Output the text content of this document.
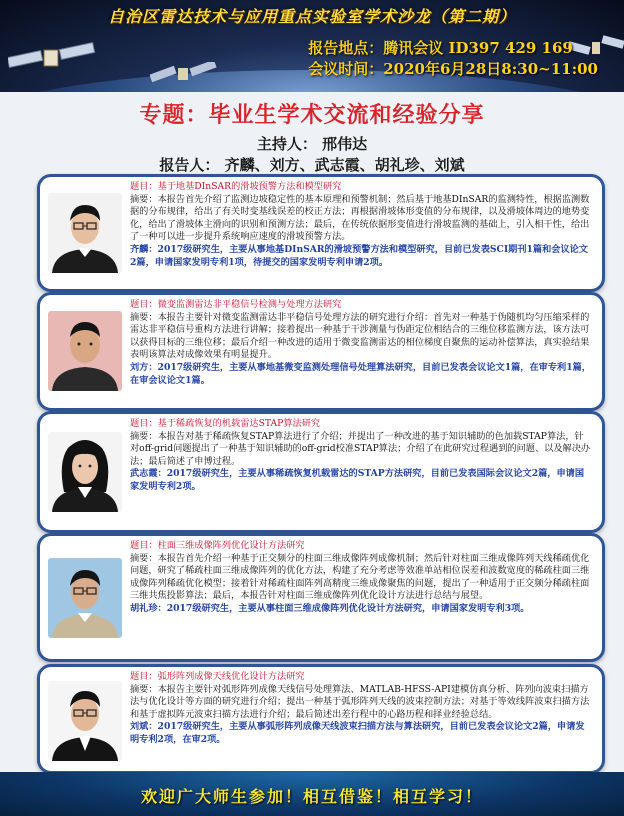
自治区雷达技术与应用重点实验室学术沙龙（第二期）
报告地点：腾讯会议 ID397 429 169
会议时间：2020年6月28日8:30~11:00
专题：毕业生学术交流和经验分享
主持人： 邢伟达
报告人： 齐麟、刘方、武志霞、胡礼珍、刘斌
题目：基于地基DInSAR的滑坡预警方法和模型研究
摘要：本报告首先介绍了监测边坡稳定性的基本原理和预警机制；然后基于地基DInSAR的监测特性，根据监测数据的分布规律，给出了有关时变基线误差的校正方法；再根据滑坡体形变值的分布规律，以及滑坡体周边的地势变化，给出了滑坡体主滑向的识别和预测方法；最后，在传统依据形变值进行滑坡监测的基础上，引入相干性，给出了一种可以进一步提升系统响应速度的滑坡预警方法。
齐麟：2017级研究生，主要从事地基DInSAR的滑坡预警方法和模型研究，目前已发表SCI期刊1篇和会议论文2篇，申请国家发明专利1项，待提交的国家发明专利申请2项。
题目：微变监测雷达非平稳信号检测与处理方法研究
摘要：本报告主要针对微变监测雷达非平稳信号处理方法的研究进行介绍：首先对一种基于伪随机均匀压缩采样的雷达非平稳信号重构方法进行讲解；接着提出一种基于干涉测量与伪距定位相结合的三维位移监测方法，该方法可以获得目标的三维位移；最后介绍一种改进的适用于微变监测雷达的相位梯度自聚焦的运动补偿算法，真实验结果表明该算法对成像效果有明显提升。
刘方：2017级研究生，主要从事地基微变监测处理信号处理算法研究，目前已发表会议论文1篇，在审专利1篇，在审会议论文1篇。
题目：基于稀疏恢复的机载雷达STAP算法研究
摘要：本报告对基于稀疏恢复STAP算法进行了介绍；并提出了一种改进的基于知识辅助的色加载STAP算法，针对off-grid问题提出了一种基于知识辅助的off-grid校准STAP算法；介绍了在此研究过程遇到的问题、以及解决办法；最后简述了申博过程。
武志霞：2017级研究生，主要从事稀疏恢复机载雷达的STAP方法研究，目前已发表国际会议论文2篇，申请国家发明专利2项。
题目：柱面三维成像阵列优化设计方法研究
摘要：本报告首先介绍一种基于正交频分的柱面三维成像阵列成像机制；然后针对柱面三维成像阵列天线稀疏优化问题，研究了稀疏柱面三维成像阵列的优化方法，构建了充分考虑等效准单站相位误差和波数宽度的稀疏柱面三维成像阵列稀疏优化模型；接着针对稀疏柱面阵列高精度三维成像聚焦的问题，提出了一种适用于正交频分稀疏柱面三维共焦投影算法；最后，本报告针对柱面三维成像阵列优化设计方法进行总结与展望。
胡礼珍：2017级研究生，主要从事柱面三维成像阵列优化设计方法研究，申请国家发明专利3项。
题目：弧形阵列成像天线优化设计方法研究
摘要：本报告主要针对弧形阵列成像天线信号处理算法、MATLAB-HFSS-API建模仿真分析、阵列向波束扫描方法与优化设计等方面的研究进行介绍；提出一种基于弧形阵列天线的波束控制方法；对基于等效线阵波束扫描方法和基于虚拟阵元波束扫描方法进行介绍；最后简述出差行程中的心路历程和择业经验总结。
刘斌：2017级研究生，主要从事弧形阵列成像天线波束扫描方法与算法研究，目前已发表会议论文2篇，申请发明专利2项，在审2项。
欢迎广大师生参加！相互借鉴！相互学习！
